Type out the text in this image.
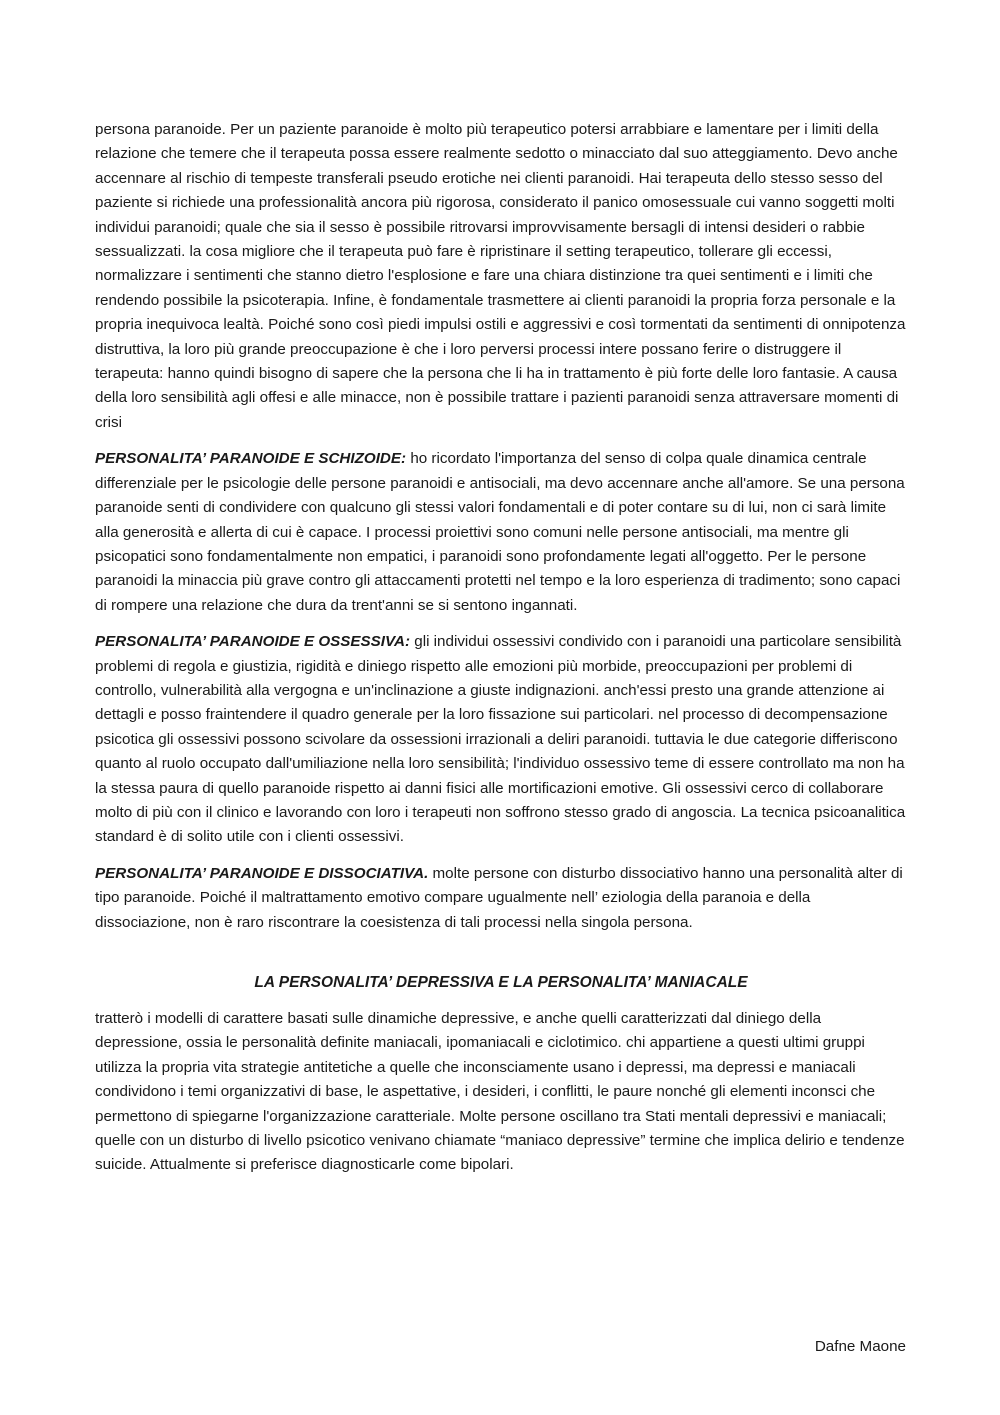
persona paranoide. Per un paziente paranoide è molto più terapeutico potersi arrabbiare e lamentare per i limiti della relazione che temere che il terapeuta possa essere realmente sedotto o minacciato dal suo atteggiamento. Devo anche accennare al rischio di tempeste transferali pseudo erotiche nei clienti paranoidi. Hai terapeuta dello stesso sesso del paziente si richiede una professionalità ancora più rigorosa, considerato il panico omosessuale cui vanno soggetti molti individui paranoidi; quale che sia il sesso è possibile ritrovarsi improvvisamente bersagli di intensi desideri o rabbie sessualizzati. la cosa migliore che il terapeuta può fare è ripristinare il setting terapeutico, tollerare gli eccessi, normalizzare i sentimenti che stanno dietro l'esplosione e fare una chiara distinzione tra quei sentimenti e i limiti che rendendo possibile la psicoterapia. Infine, è fondamentale trasmettere ai clienti paranoidi la propria forza personale e la propria inequivoca lealtà. Poiché sono così piedi impulsi ostili e aggressivi e così tormentati da sentimenti di onnipotenza distruttiva, la loro più grande preoccupazione è che i loro perversi processi intere possano ferire o distruggere il terapeuta: hanno quindi bisogno di sapere che la persona che li ha in trattamento è più forte delle loro fantasie. A causa della loro sensibilità agli offesi e alle minacce, non è possibile trattare i pazienti paranoidi senza attraversare momenti di crisi

PERSONALITA’ PARANOIDE E SCHIZOIDE: ho ricordato l'importanza del senso di colpa quale dinamica centrale differenziale per le psicologie delle persone paranoidi e antisociali, ma devo accennare anche all'amore. Se una persona paranoide senti di condividere con qualcuno gli stessi valori fondamentali e di poter contare su di lui, non ci sarà limite alla generosità e allerta di cui è capace. I processi proiettivi sono comuni nelle persone antisociali, ma mentre gli psicopatici sono fondamentalmente non empatici, i paranoidi sono profondamente legati all'oggetto. Per le persone paranoidi la minaccia più grave contro gli attaccamenti protetti nel tempo e la loro esperienza di tradimento; sono capaci di rompere una relazione che dura da trent'anni se si sentono ingannati.

PERSONALITA’ PARANOIDE E OSSESSIVA: gli individui ossessivi condivido con i paranoidi una particolare sensibilità problemi di regola e giustizia, rigidità e diniego rispetto alle emozioni più morbide, preoccupazioni per problemi di controllo, vulnerabilità alla vergogna e un'inclinazione a giuste indignazioni. anch'essi presto una grande attenzione ai dettagli e posso fraintendere il quadro generale per la loro fissazione sui particolari. nel processo di decompensazione psicotica gli ossessivi possono scivolare da ossessioni irrazionali a deliri paranoidi. tuttavia le due categorie differiscono quanto al ruolo occupato dall'umiliazione nella loro sensibilità; l'individuo ossessivo teme di essere controllato ma non ha la stessa paura di quello paranoide rispetto ai danni fisici alle mortificazioni emotive. Gli ossessivi cerco di collaborare molto di più con il clinico e lavorando con loro i terapeuti non soffrono stesso grado di angoscia. La tecnica psicoanalitica standard è di solito utile con i clienti ossessivi.

PERSONALITA’ PARANOIDE E DISSOCIATIVA. molte persone con disturbo dissociativo hanno una personalità alter di tipo paranoide. Poiché il maltrattamento emotivo compare ugualmente nell’ eziologia della paranoia e della dissociazione, non è raro riscontrare la coesistenza di tali processi nella singola persona.

LA PERSONALITA’ DEPRESSIVA E LA PERSONALITA’ MANIACALE

tratterò i modelli di carattere basati sulle dinamiche depressive, e anche quelli caratterizzati dal diniego della depressione, ossia le personalità definite maniacali, ipomaniacali e ciclotimico. chi appartiene a questi ultimi gruppi utilizza la propria vita strategie antitetiche a quelle che inconsciamente usano i depressi, ma depressi e maniacali condividono i temi organizzativi di base, le aspettative, i desideri, i conflitti, le paure nonché gli elementi inconsci che permettono di spiegarne l'organizzazione caratteriale. Molte persone oscillano tra Stati mentali depressivi e maniacali; quelle con un disturbo di livello psicotico venivano chiamate “maniaco depressive” termine che implica delirio e tendenze suicide. Attualmente si preferisce diagnosticarle come bipolari.

Dafne Maone
